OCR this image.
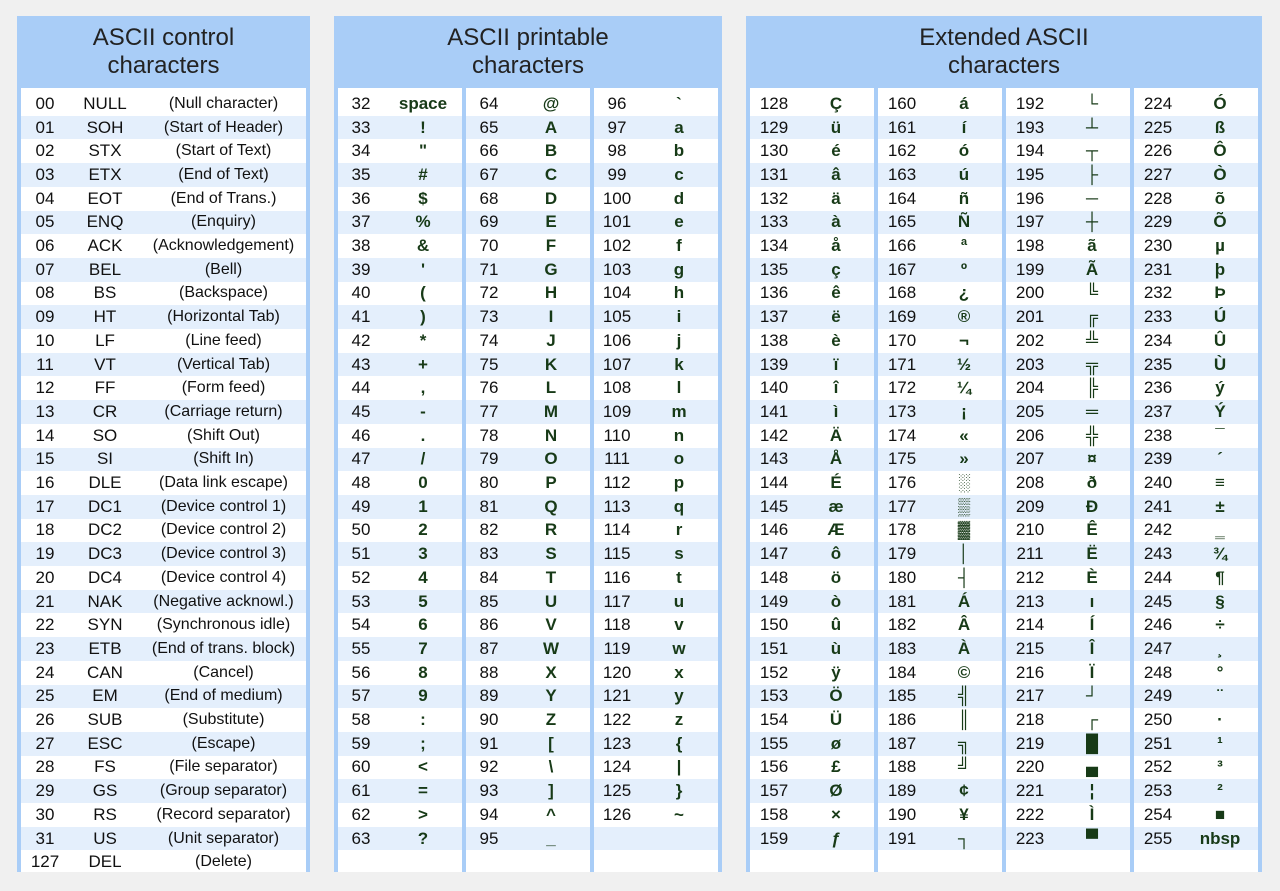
ASCII control
characters
00	NULL	(Null character)
01	SOH	(Start of Header)
02	STX	(Start of Text)
03	ETX	(End of Text)
04	EOT	(End of Trans.)
05	ENQ	(Enquiry)
06	ACK	(Acknowledgement)
07	BEL	(Bell)
08	BS	(Backspace)
09	HT	(Horizontal Tab)
10	LF	(Line feed)
11	VT	(Vertical Tab)
12	FF	(Form feed)
13	CR	(Carriage return)
14	SO	(Shift Out)
15	SI	(Shift In)
16	DLE	(Data link escape)
17	DC1	(Device control 1)
18	DC2	(Device control 2)
19	DC3	(Device control 3)
20	DC4	(Device control 4)
21	NAK	(Negative acknowl.)
22	SYN	(Synchronous idle)
23	ETB	(End of trans. block)
24	CAN	(Cancel)
25	EM	(End of medium)
26	SUB	(Substitute)
27	ESC	(Escape)
28	FS	(File separator)
29	GS	(Group separator)
30	RS	(Record separator)
31	US	(Unit separator)
127	DEL	(Delete)
ASCII printable
characters
32	space
33	!
34	"
35	#
36	$
37	%
38	&
39	'
40	(
41	)
42	*
43	+
44	,
45	-
46	.
47	/
48	0
49	1
50	2
51	3
52	4
53	5
54	6
55	7
56	8
57	9
58	:
59	;
60	<
61	=
62	>
63	?
64	@
65	A
66	B
67	C
68	D
69	E
70	F
71	G
72	H
73	I
74	J
75	K
76	L
77	M
78	N
79	O
80	P
81	Q
82	R
83	S
84	T
85	U
86	V
87	W
88	X
89	Y
90	Z
91	[
92	\
93	]
94	^
95	_
96	`
97	a
98	b
99	c
100	d
101	e
102	f
103	g
104	h
105	i
106	j
107	k
108	l
109	m
110	n
111	o
112	p
113	q
114	r
115	s
116	t
117	u
118	v
119	w
120	x
121	y
122	z
123	{
124	|
125	}
126	~
Extended ASCII
characters
128	Ç
129	ü
130	é
131	â
132	ä
133	à
134	å
135	ç
136	ê
137	ë
138	è
139	ï
140	î
141	ì
142	Ä
143	Å
144	É
145	æ
146	Æ
147	ô
148	ö
149	ò
150	û
151	ù
152	ÿ
153	Ö
154	Ü
155	ø
156	£
157	Ø
158	×
159	ƒ
160	á
161	í
162	ó
163	ú
164	ñ
165	Ñ
166	ª
167	º
168	¿
169	®
170	¬
171	½
172	¼
173	¡
174	«
175	»
176	░
177	▒
178	▓
179	│
180	┤
181	Á
182	Â
183	À
184	©
185	╣
186	║
187	╗
188	╝
189	¢
190	¥
191	┐
192	└
193	┴
194	┬
195	├
196	─
197	┼
198	ã
199	Ã
200	╚
201	╔
202	╩
203	╦
204	╠
205	═
206	╬
207	¤
208	ð
209	Ð
210	Ê
211	Ë
212	È
213	ı
214	Í
215	Î
216	Ï
217	┘
218	┌
219	█
220	▄
221	¦
222	Ì
223	▀
224	Ó
225	ß
226	Ô
227	Ò
228	õ
229	Õ
230	µ
231	þ
232	Þ
233	Ú
234	Û
235	Ù
236	ý
237	Ý
238	¯
239	´
240	≡
241	±
242	‗
243	¾
244	¶
245	§
246	÷
247	¸
248	°
249	¨
250	·
251	¹
252	³
253	²
254	■
255	nbsp
